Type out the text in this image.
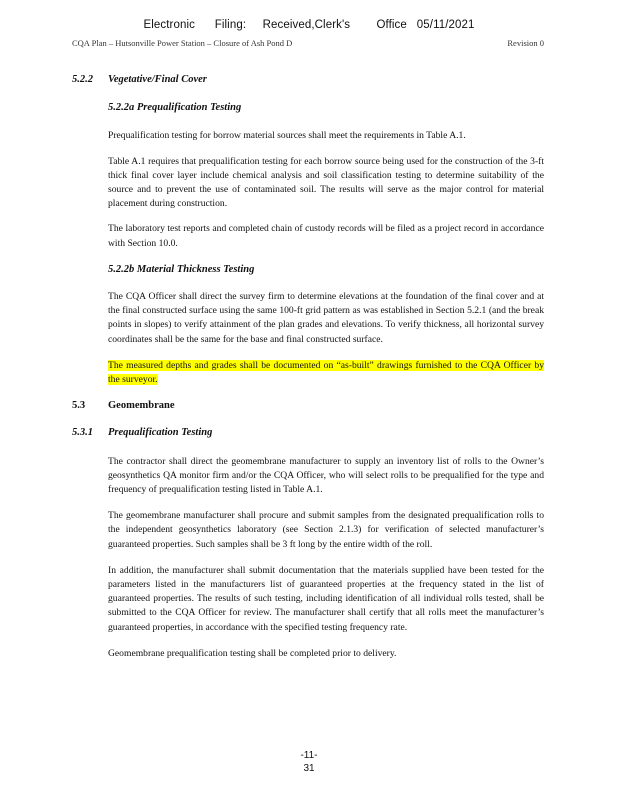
Electronic      Filing:     Received,Clerk's        Office   05/11/2021
CQA Plan – Hutsonville Power Station – Closure of Ash Pond D	Revision 0
5.2.2 Vegetative/Final Cover
5.2.2a Prequalification Testing

Prequalification testing for borrow material sources shall meet the requirements in Table A.1.

Table A.1 requires that prequalification testing for each borrow source being used for the construction of the 3-ft thick final cover layer include chemical analysis and soil classification testing to determine suitability of the source and to prevent the use of contaminated soil. The results will serve as the major control for material placement during construction.

The laboratory test reports and completed chain of custody records will be filed as a project record in accordance with Section 10.0.

5.2.2b Material Thickness Testing

The CQA Officer shall direct the survey firm to determine elevations at the foundation of the final cover and at the final constructed surface using the same 100-ft grid pattern as was established in Section 5.2.1 (and the break points in slopes) to verify attainment of the plan grades and elevations. To verify thickness, all horizontal survey coordinates shall be the same for the base and final constructed surface.

The measured depths and grades shall be documented on “as-built” drawings furnished to the CQA Officer by the surveyor.

5.3 Geomembrane
5.3.1 Prequalification Testing

The contractor shall direct the geomembrane manufacturer to supply an inventory list of rolls to the Owner’s geosynthetics QA monitor firm and/or the CQA Officer, who will select rolls to be prequalified for the type and frequency of prequalification testing listed in Table A.1.

The geomembrane manufacturer shall procure and submit samples from the designated prequalification rolls to the independent geosynthetics laboratory (see Section 2.1.3) for verification of selected manufacturer’s guaranteed properties. Such samples shall be 3 ft long by the entire width of the roll.

In addition, the manufacturer shall submit documentation that the materials supplied have been tested for the parameters listed in the manufacturers list of guaranteed properties at the frequency stated in the list of guaranteed properties. The results of such testing, including identification of all individual rolls tested, shall be submitted to the CQA Officer for review. The manufacturer shall certify that all rolls meet the manufacturer’s guaranteed properties, in accordance with the specified testing frequency rate.

Geomembrane prequalification testing shall be completed prior to delivery.

-11-
31
